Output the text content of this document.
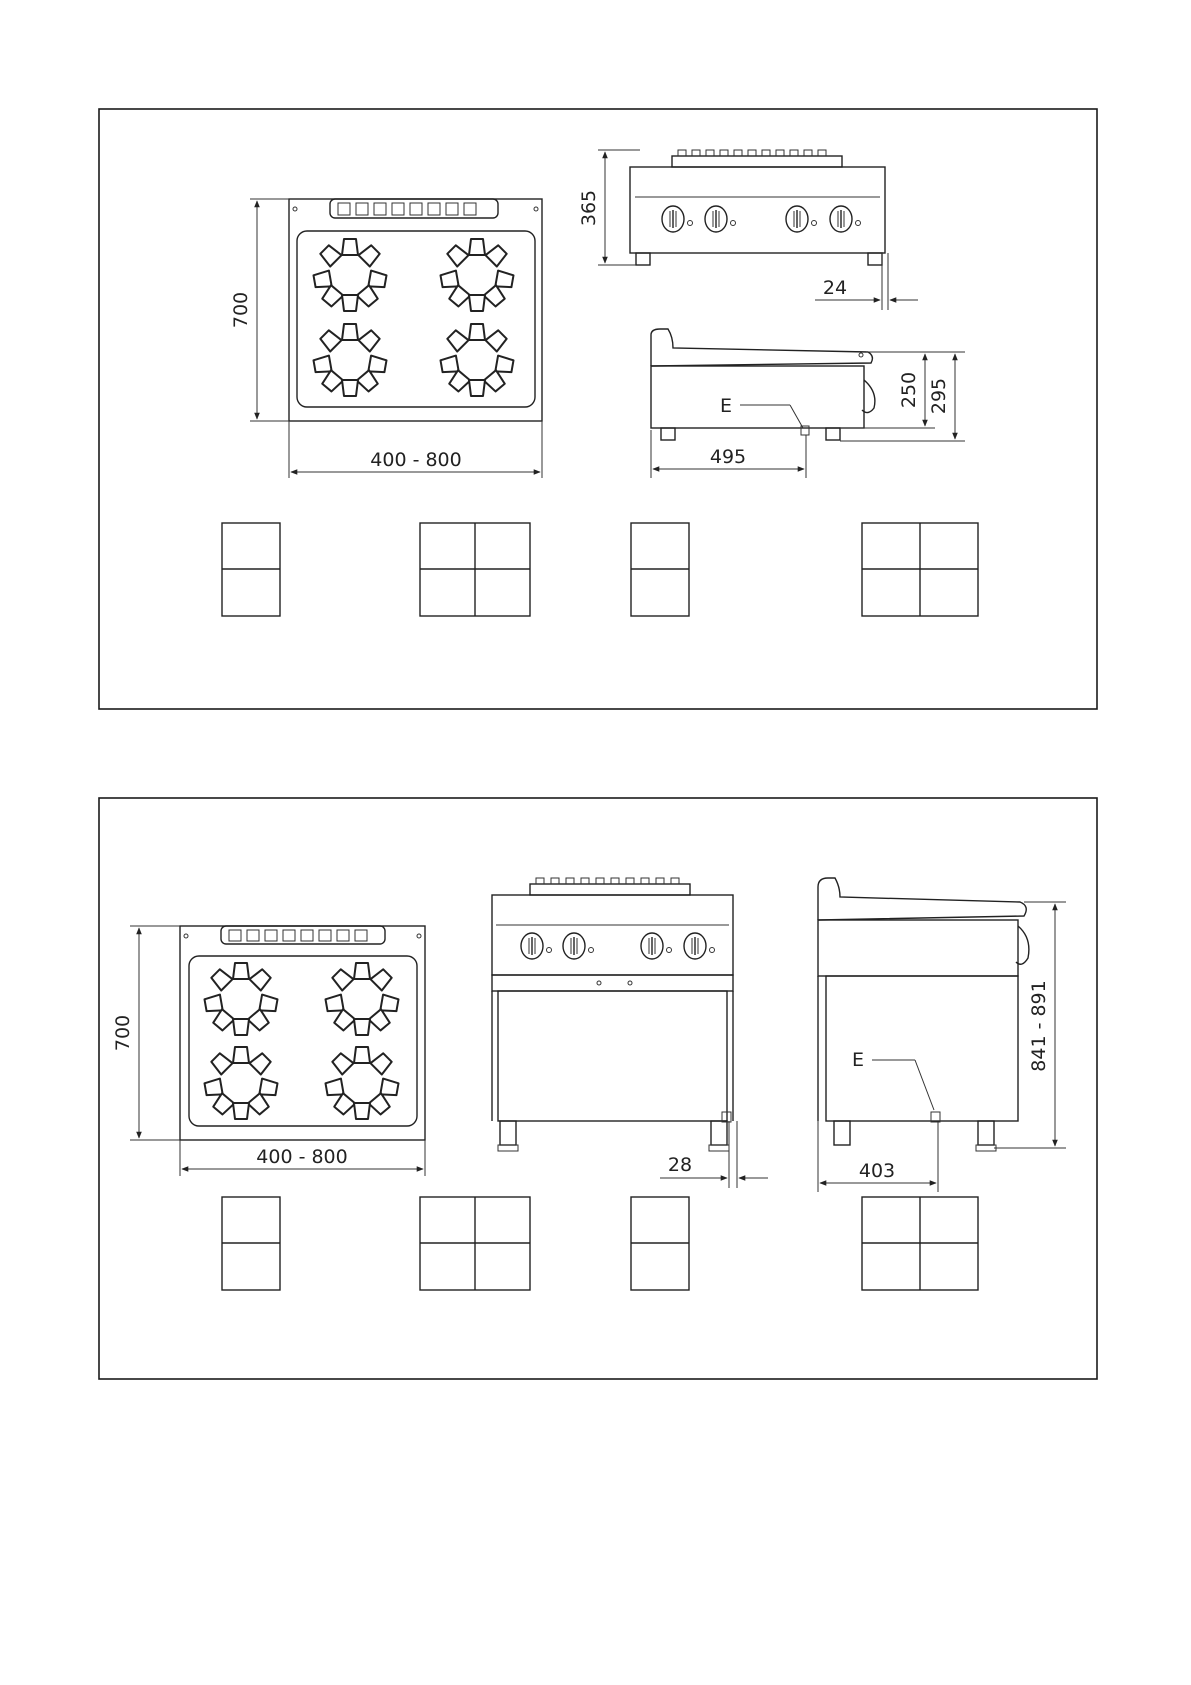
700
400 - 800
365
24
E	250 295
495
700
400 - 800	28
E	841 - 891
403
